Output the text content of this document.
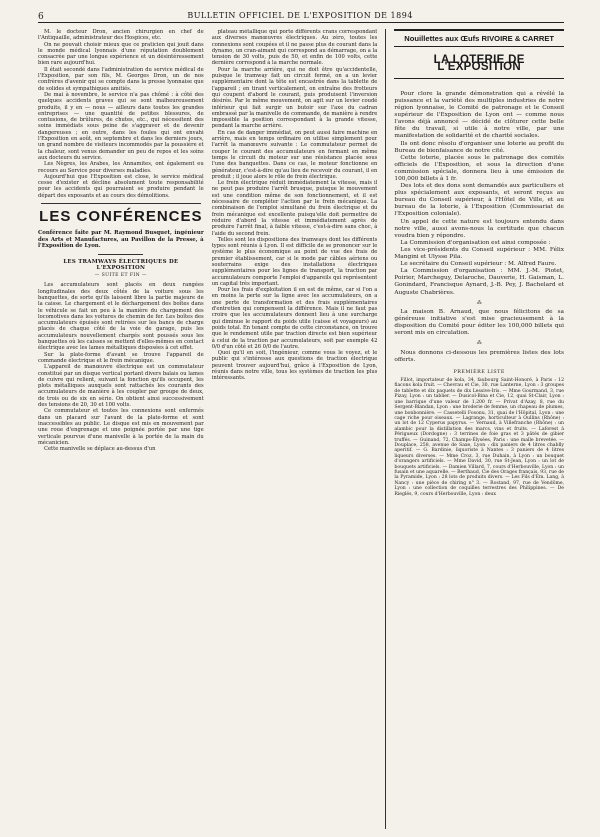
6	BULLETIN OFFICIEL DE L'EXPOSITION DE 1894

M. le docteur Dron, ancien chirurgien en chef de l'Antiquaille, administrateur des Hospices, etc.

On ne pouvait choisir mieux que ce praticien qui jouit dans le monde médical lyonnais d'une réputation doublement consacrée par une longue expérience et un désintéressement bien rare aujourd'hui.

Il était secondé dans l'administration du service médical de l'Exposition, par son fils, M. Georges Dron, un de nos confrères d'avenir qui se compte dans la presse lyonnaise que de solides et sympathiques amitiés.

De mai à novembre, le service n'a pas chômé : à côté des quelques accidents graves qui se sont malheureusement produits, il y en — nous — ailleurs dans toutes les grandes entreprises — une quantité de petites blessures, de contusions, de brûlures, de chutes, etc., qui nécessitent des soins immédiats sous peine de s'aggraver et de devenir dangereuses ; en outre, dans les foules qui ont envahi l'Exposition en août, en septembre et dans les derniers jours, un grand nombre de visiteurs incommodés par la poussière et la chaleur, sont venus demander un peu de repos et les soins aux docteurs du service.

Les Nègres, les Arabes, les Annamites, ont également eu recours au Service pour diverses maladies.

Aujourd'hui que l'Exposition est close, le service médical cesse d'exister et décline absolument toute responsabilité pour les accidents qui pourraient se produire pendant le départ des exposants et au cours des démolitions.

LES CONFÉRENCES

Conférence faite par M. Raymond Busquet, ingénieur des Arts et Manufactures, au Pavillon de la Presse, à l'Exposition de Lyon.

LES TRAMWAYS ÉLECTRIQUES DE L'EXPOSITION
— SUITE ET FIN —

Les accumulateurs sont placés en deux rangées longitudinales des deux côtés de la voiture sous les banquettes, de sorte qu'ils laissent libre la partie majeure de la caisse. Le chargement et le déchargement des boîtes dans le véhicule se fait un peu à la manière du chargement des locomotives dans les voitures de chemin de fer. Les boîtes des accumulateurs épuisés sont retirées sur les bancs de charge placés de chaque côté de la voie de garage, puis les accumulateurs nouvellement chargés sont poussés sous les banquettes où les caisses se mettent d'elles-mêmes en contact électrique avec les lames métalliques disposées à cet effet.

Sur la plate-forme d'avant se trouve l'appareil de commande électrique et le frein mécanique.

L'appareil de manœuvre électrique est un commutateur constitué par un disque vertical portant divers balais ou lames de cuivre qui relient, suivant la fonction qu'ils occupent, les plots métalliques auxquels sont rattachés les courants des accumulateurs de manière à les coupler par groupe de deux, de trois ou de six en série. On obtient ainsi successivement des tensions de 20, 30 et 100 volts.

Ce commutateur et toutes les connexions sont enfermés dans un placard sur l'avant de la plate-forme et sont inaccessibles au public. Le disque est mis en mouvement par une roue d'engrenage et une poignée portée par une tige verticale pourvue d'une manivelle à la portée de la main du mécanicien.

Cette manivelle se déplace au-dessus d'un

plateau métallique qui porte différents crans correspondant aux diverses manœuvres électriques. Au zéro, toutes les connexions sont coupées et il ne passe plus de courant dans la dynamo, un cran-aimant qui correspond au démarrage, on a la tension de 30 volts, puis de 50, et enfin de 100 volts, cette dernière correspond à la marche normale.

Pour la marche arrière, qui ne doit être qu'accidentelle, puisque le tramway fait un circuit fermé, on a un levier supplémentaire dont la tête est encastrée dans la tablette de l'appareil ; en tirant verticalement, on entraîne des frotteurs qui coupent d'abord le courant, puis produisent l'inversion désirée. Par le même mouvement, on agit sur un levier coudé inférieur qui fait surgir un butoir sur l'axe du cadran embrassé par la manivelle de commande, de manière à rendre impossible la position correspondant à la grande vitesse, pendant la marche arrière.

En cas de danger immédiat, on peut aussi faire machine en arrière, mais en temps ordinaire on utilise simplement pour l'arrêt la manœuvre suivante : Le commutateur permet de couper le courant des accumulateurs en fermant en même temps le circuit du moteur sur une résistance placée sous l'une des banquettes. Dans ce cas, le moteur fonctionne en générateur, c'est-à-dire qu'au lieu de recevoir du courant, il en produit ; il joue alors le rôle de frein électrique.

Le frein électrique réduit immédiatement la vitesse, mais il ne peut pas produire l'arrêt brusque, puisque le mouvement est une condition même de son fonctionnement, et il est nécessaire de compléter l'action par le frein mécanique. La combinaison de l'emploi simultané du frein électrique et du frein mécanique est excellente puisqu'elle doit permettre de réduire d'abord la vitesse et immédiatement après de produire l'arrêt final, à faible vitesse, c'est-à-dire sans choc, à l'aide du second frein.

Telles sont les dispositions des tramways dont les différents types sont réunis à Lyon. Il est difficile de se prononcer sur le système le plus économique au point de vue des frais de premier établissement, car si le mode par câbles aériens ou souterrains exige des installations électriques supplémentaires pour les lignes de transport, la traction par accumulateurs comporte l'emploi d'appareils qui représentent un capital très important.

Pour les frais d'exploitation il en est de même, car si l'on a en moins la perte sur la ligne avec les accumulateurs, on a une perte de transformation et des frais supplémentaires d'entretien qui compensent la différence. Mais il ne faut pas croire que les accumulateurs donnent lieu à une surcharge qui diminue le rapport du poids utile (caisse et voyageurs) au poids total. En tenant compte de cette circonstance, on trouve que le rendement utile par traction directe est bien supérieur à celui de la traction par accumulateurs, soit par exemple 42 0/0 d'un côté et 26 0/0 de l'autre.

Quoi qu'il en soit, l'ingénieur, comme vous le voyez, et le public qui s'intéresse aux questions de traction électrique peuvent trouver aujourd'hui, grâce à l'Exposition de Lyon, réunis dans notre ville, tous les systèmes de traction les plus intéressants.

Nouillettes aux Œufs RIVOIRE & CARRET
LA LOTERIE DE L'EXPOSITION

Pour clore la grande démonstration qui a révélé la puissance et la variété des multiples industries de notre région lyonnaise, le Comité de patronage et le Conseil supérieur de l'Exposition de Lyon ont — comme nous l'avons déjà annoncé — décidé de clôturer cette belle fête du travail, si utile à notre ville, par une manifestation de solidarité et de charité sociales.

Ils ont donc résolu d'organiser une loterie au profit du Bureau de bienfaisance de notre cité.

Cette loterie, placée sous le patronage des comités officiels de l'Exposition, et sous la direction d'une commission spéciale, donnera lieu à une émission de 100,000 billets à 1 fr.

Des lots et des dons sont demandés aux particuliers et plus spécialement aux exposants, et seront reçus au bureau du Conseil supérieur, à l'Hôtel de Ville, et au bureau de la loterie, à l'Exposition (Commissariat de l'Exposition coloniale).

Un appel de cette nature est toujours entendu dans notre ville, aussi avons-nous la certitude que chacun voudra bien y répondre.

La Commission d'organisation est ainsi composée :

Les vice-présidents du Conseil supérieur : MM. Félix Mangini et Ulysse Pila.

Le secrétaire du Conseil supérieur : M. Alfred Faure.

La Commission d'organisation : MM. J.-M. Piotet, Poirier, Marcheguy, Delaroche, Dauverie, H. Gaisman, L. Gonindard, Francisque Aynard, J.-B. Pey, J. Bachelard et Auguste Chabrières.

⁂

La maison B. Arnaud, que nous félicitons de sa généreuse initiative s'est mise gracieusement à la disposition du Comité pour éditer les 100,000 billets qui seront mis en circulation.

⁂

Nous donnons ci-dessous les premières listes des lots offerts.

PREMIÈRE LISTE

Fillot, importateur de kola, 34, faubourg Saint-Honoré, à Paris : 12 flacons kola fruit. — Chevrau et Cie, 30, rue Lanterne, Lyon : 3 groupes de tablette et dix paquets de dix Lessive-Iris. — Mme Gourmand, 3, rue Pizay, Lyon : un tablier. — Dusicol-Bina et Cie, 12, quai St-Clair, Lyon : une barrique d'une valeur de 1,200 fr. — Privat d'Azay, 8, rue du Sergent-Blandan, Lyon : une broderie de femme, un chapeau de plumes, une bonbonnière. — Cassetelli Fosonu, 31, quai de l'Hôpital, Lyon : une cage riche pour oiseaux. — Lagrange, horticulteur à Oullins (Rhône) : un lot de 12 Cyperus papyrus. — Vernaud, à Villefranche (Rhône) : un alambic pour la distillation des marcs, vins et fruits. — Laforest à Périgueux (Dordogne) : 3 terrines de foie gras et 3 pâtés de gibier truffés. — Guinand, 72, Champs-Élysées, Paris : une malle brevetée. — Douplace, 258, avenue de Saxe, Lyon : dix paniers de 4 litres chablly aperitif. — G. Bardinie, liquoriste à Nantes : 3 paniers de 4 litres liqueurs diverses. — Mme Croz, 3, rue Duhain, à Lyon : un bouquet d'orangers artificiels. — Mme David, 30, rue St-Jean, Lyon : un lot de bouquets artificiels. — Damien Villard, 7, cours d'Herbouville, Lyon : un fusain et une aquarelle. — Berthaud, Cie des Orages français, 93, rue de la Pyramide, Lyon : 28 lots de produits divers. — Les Fils d'Em. Lang, à Nancy : une pièce de chiring n° 3. — Rostand, 97, rue de Vendôme, Lyon : une collection de coquilles terrestres des Philippines. — De Rieglés, 9, cours d'Herbouville, Lyon : deux
